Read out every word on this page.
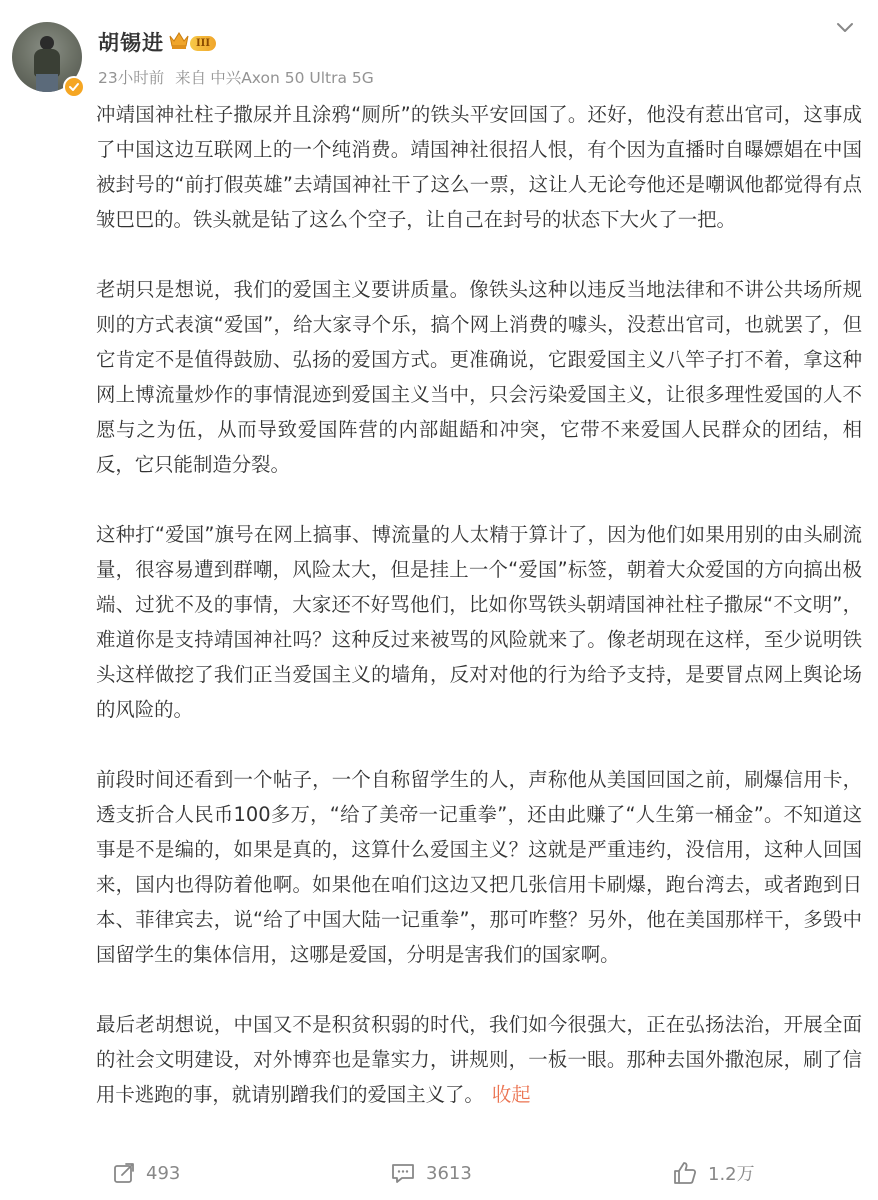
胡锡进	III
23小时前 来自 中兴Axon 50 Ultra 5G

冲靖国神社柱子撒尿并且涂鸦“厕所”的铁头平安回国了。还好，他没有惹出官司，这事成了中国这边互联网上的一个纯消费。靖国神社很招人恨，有个因为直播时自曝嫖娼在中国被封号的“前打假英雄”去靖国神社干了这么一票，这让人无论夸他还是嘲讽他都觉得有点皱巴巴的。铁头就是钻了这么个空子，让自己在封号的状态下大火了一把。

老胡只是想说，我们的爱国主义要讲质量。像铁头这种以违反当地法律和不讲公共场所规则的方式表演“爱国”，给大家寻个乐，搞个网上消费的噱头，没惹出官司，也就罢了，但它肯定不是值得鼓励、弘扬的爱国方式。更准确说，它跟爱国主义八竿子打不着，拿这种网上博流量炒作的事情混迹到爱国主义当中，只会污染爱国主义，让很多理性爱国的人不愿与之为伍，从而导致爱国阵营的内部龃龉和冲突，它带不来爱国人民群众的团结，相反，它只能制造分裂。

这种打“爱国”旗号在网上搞事、博流量的人太精于算计了，因为他们如果用别的由头刷流量，很容易遭到群嘲，风险太大，但是挂上一个“爱国”标签，朝着大众爱国的方向搞出极端、过犹不及的事情，大家还不好骂他们，比如你骂铁头朝靖国神社柱子撒尿“不文明”，难道你是支持靖国神社吗？这种反过来被骂的风险就来了。像老胡现在这样，至少说明铁头这样做挖了我们正当爱国主义的墙角，反对对他的行为给予支持，是要冒点网上舆论场的风险的。

前段时间还看到一个帖子，一个自称留学生的人，声称他从美国回国之前，刷爆信用卡，透支折合人民币100多万，“给了美帝一记重拳”，还由此赚了“人生第一桶金”。不知道这事是不是编的，如果是真的，这算什么爱国主义？这就是严重违约，没信用，这种人回国来，国内也得防着他啊。如果他在咱们这边又把几张信用卡刷爆，跑台湾去，或者跑到日本、菲律宾去，说“给了中国大陆一记重拳”，那可咋整？另外，他在美国那样干，多毁中国留学生的集体信用，这哪是爱国，分明是害我们的国家啊。

最后老胡想说，中国又不是积贫积弱的时代，我们如今很强大，正在弘扬法治，开展全面的社会文明建设，对外博弈也是靠实力，讲规则，一板一眼。那种去国外撒泡尿，刷了信用卡逃跑的事，就请别蹭我们的爱国主义了。 收起

493	3613	1.2万
